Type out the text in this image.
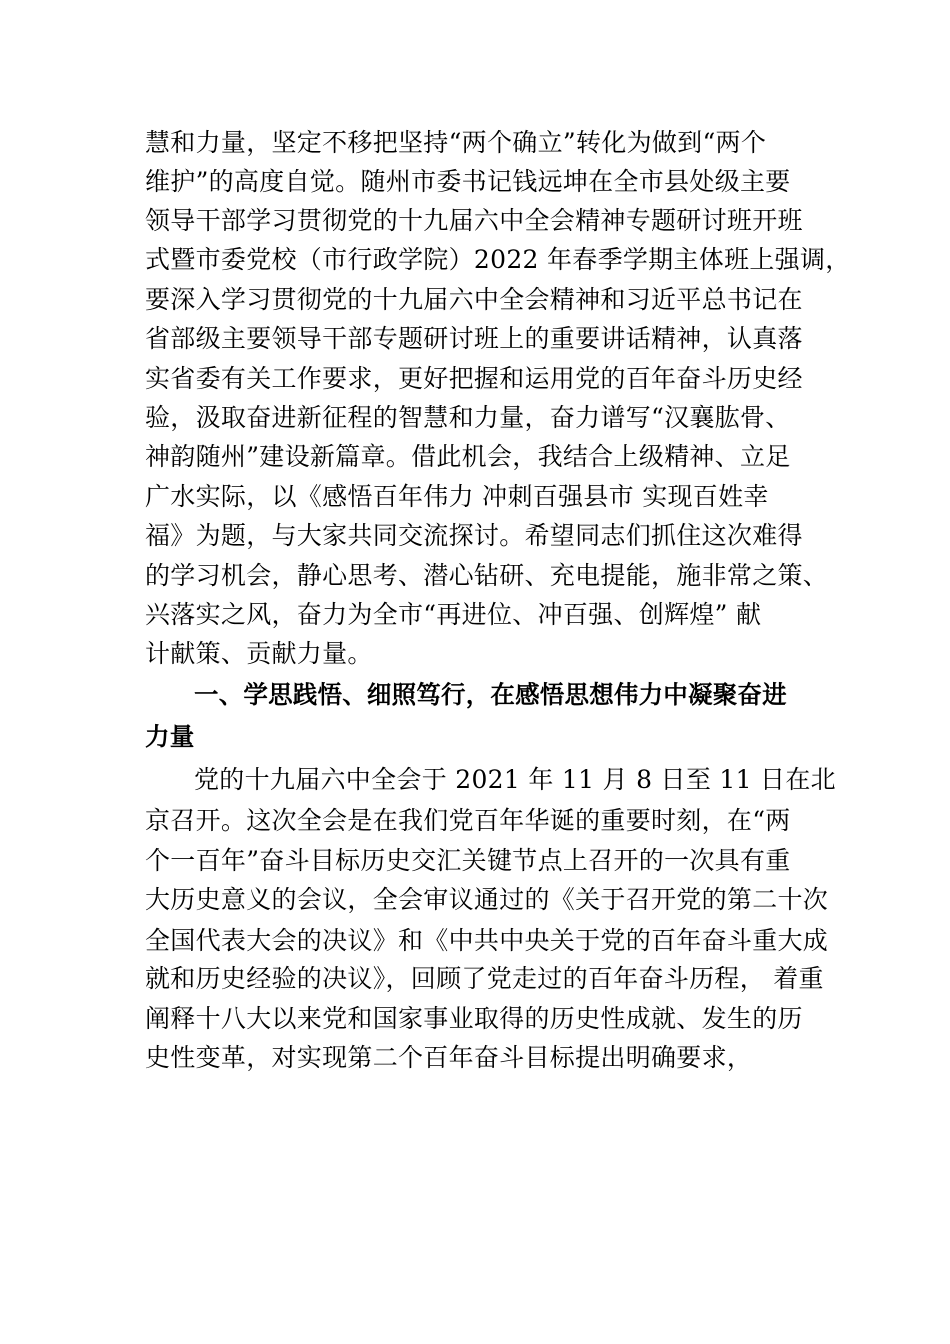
慧和力量，坚定不移把坚持“两个确立”转化为做到“两个
维护”的高度自觉。随州市委书记钱远坤在全市县处级主要
领导干部学习贯彻党的十九届六中全会精神专题研讨班开班
式暨市委党校（市行政学院）2022 年春季学期主体班上强调，
要深入学习贯彻党的十九届六中全会精神和习近平总书记在
省部级主要领导干部专题研讨班上的重要讲话精神，认真落
实省委有关工作要求，更好把握和运用党的百年奋斗历史经
验，汲取奋进新征程的智慧和力量，奋力谱写“汉襄肱骨、
神韵随州”建设新篇章。借此机会，我结合上级精神、立足
广水实际，以《感悟百年伟力 冲刺百强县市 实现百姓幸
福》为题，与大家共同交流探讨。希望同志们抓住这次难得
的学习机会，静心思考、潜心钻研、充电提能，施非常之策、
兴落实之风，奋力为全市“再进位、冲百强、创辉煌” 献
计献策、贡献力量。
一、学思践悟、细照笃行，在感悟思想伟力中凝聚奋进
力量
党的十九届六中全会于 2021 年 11 月 8 日至 11 日在北
京召开。这次全会是在我们党百年华诞的重要时刻，在“两
个一百年”奋斗目标历史交汇关键节点上召开的一次具有重
大历史意义的会议，全会审议通过的《关于召开党的第二十次
全国代表大会的决议》和《中共中央关于党的百年奋斗重大成
就和历史经验的决议》，回顾了党走过的百年奋斗历程， 着重
阐释十八大以来党和国家事业取得的历史性成就、发生的历
史性变革，对实现第二个百年奋斗目标提出明确要求，
